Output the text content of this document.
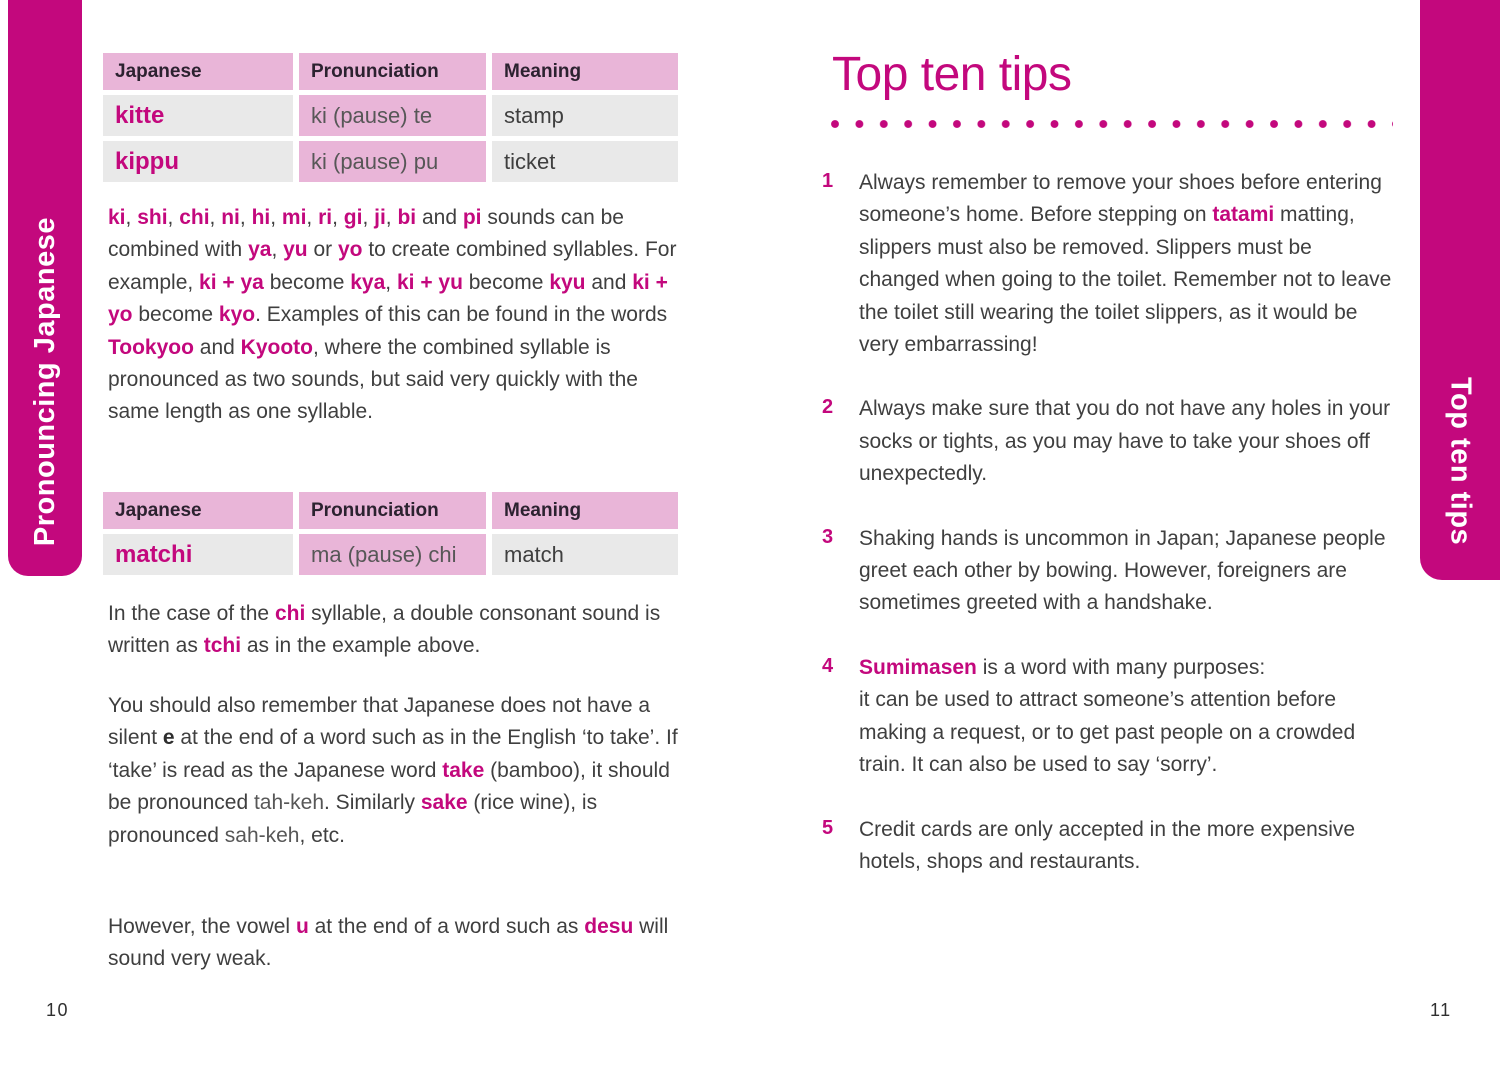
Pronouncing Japanese	Top ten tips
Japanese	Pronunciation	Meaning
kitte	ki (pause) te	stamp
kippu	ki (pause) pu	ticket

ki, shi, chi, ni, hi, mi, ri, gi, ji, bi and pi sounds can be combined with ya, yu or yo to create combined syllables. For example, ki + ya become kya, ki + yu become kyu and ki + yo become kyo. Examples of this can be found in the words Tookyoo and Kyooto, where the combined syllable is pronounced as two sounds, but said very quickly with the same length as one syllable.

Japanese	Pronunciation	Meaning
matchi	ma (pause) chi	match

In the case of the chi syllable, a double consonant sound is written as tchi as in the example above.

You should also remember that Japanese does not have a silent e at the end of a word such as in the English ‘to take’. If ‘take’ is read as the Japanese word take (bamboo), it should be pronounced tah-keh. Similarly sake (rice wine), is pronounced sah-keh, etc.

However, the vowel u at the end of a word such as desu will sound very weak.

Top ten tips
1	Always remember to remove your shoes before entering someone’s home. Before stepping on tatami matting, slippers must also be removed. Slippers must be changed when going to the toilet. Remember not to leave the toilet still wearing the toilet slippers, as it would be very embarrassing!

2	Always make sure that you do not have any holes in your socks or tights, as you may have to take your shoes off unexpectedly.

3	Shaking hands is uncommon in Japan; Japanese people greet each other by bowing. However, foreigners are sometimes greeted with a handshake.

4	Sumimasen is a word with many purposes:
it can be used to attract someone’s attention before making a request, or to get past people on a crowded train. It can also be used to say ‘sorry’.

5	Credit cards are only accepted in the more expensive hotels, shops and restaurants.

10	11
